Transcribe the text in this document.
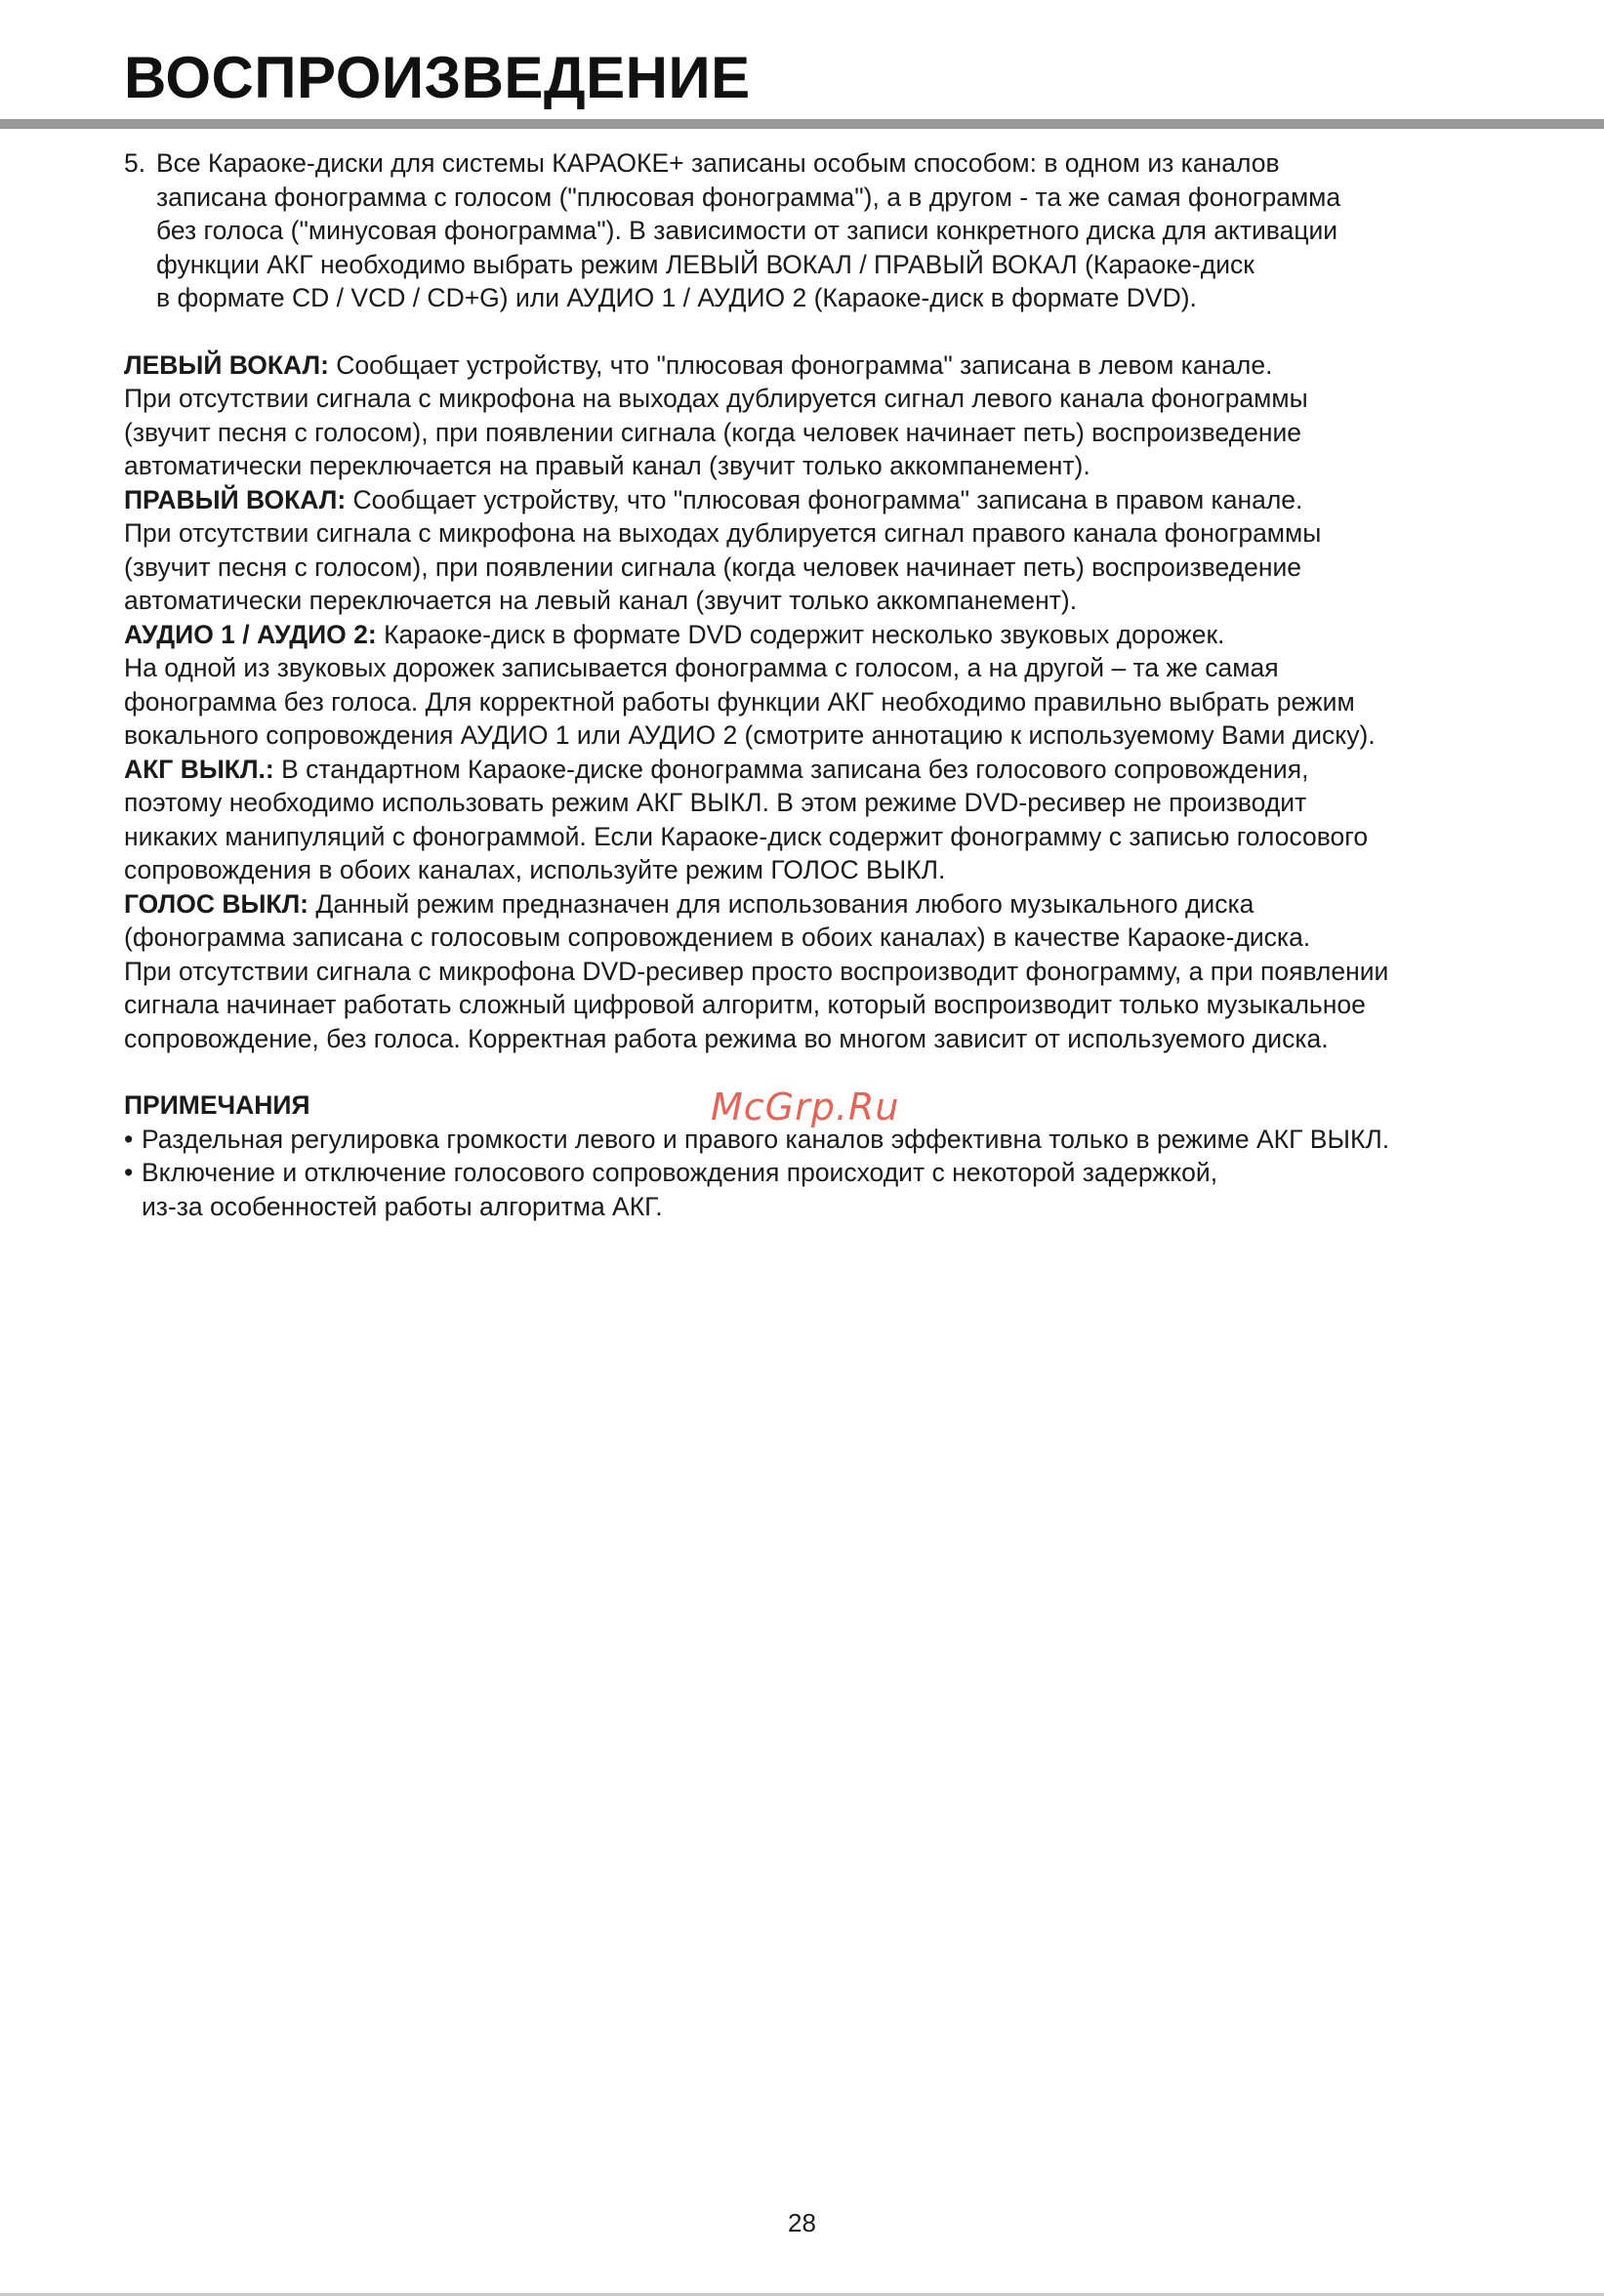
ВОСПРОИЗВЕДЕНИЕ
5. Все Караоке-диски для системы КАРАОКЕ+ записаны особым способом: в одном из каналов

записана фонограмма с голосом ("плюсовая фонограмма"), а в другом - та же самая фонограмма

без голоса ("минусовая фонограмма"). В зависимости от записи конкретного диска для активации

функции АКГ необходимо выбрать режим ЛЕВЫЙ ВОКАЛ / ПРАВЫЙ ВОКАЛ (Караоке-диск

в формате CD / VCD / CD+G) или АУДИО 1 / АУДИО 2 (Караоке-диск в формате DVD).

ЛЕВЫЙ ВОКАЛ: Сообщает устройству, что "плюсовая фонограмма" записана в левом канале.

При отсутствии сигнала с микрофона на выходах дублируется сигнал левого канала фонограммы

(звучит песня с голосом), при появлении сигнала (когда человек начинает петь) воспроизведение

автоматически переключается на правый канал (звучит только аккомпанемент).

ПРАВЫЙ ВОКАЛ: Сообщает устройству, что "плюсовая фонограмма" записана в правом канале.

При отсутствии сигнала с микрофона на выходах дублируется сигнал правого канала фонограммы

(звучит песня с голосом), при появлении сигнала (когда человек начинает петь) воспроизведение

автоматически переключается на левый канал (звучит только аккомпанемент).

АУДИО 1 / АУДИО 2: Караоке-диск в формате DVD содержит несколько звуковых дорожек.

На одной из звуковых дорожек записывается фонограмма с голосом, а на другой – та же самая

фонограмма без голоса. Для корректной работы функции АКГ необходимо правильно выбрать режим

вокального сопровождения АУДИО 1 или АУДИО 2 (смотрите аннотацию к используемому Вами диску).

АКГ ВЫКЛ.: В стандартном Караоке-диске фонограмма записана без голосового сопровождения,

поэтому необходимо использовать режим АКГ ВЫКЛ. В этом режиме DVD-ресивер не производит

никаких манипуляций с фонограммой. Если Караоке-диск содержит фонограмму с записью голосового

сопровождения в обоих каналах, используйте режим ГОЛОС ВЫКЛ.

ГОЛОС ВЫКЛ: Данный режим предназначен для использования любого музыкального диска

(фонограмма записана с голосовым сопровождением в обоих каналах) в качестве Караоке-диска.

При отсутствии сигнала с микрофона DVD-ресивер просто воспроизводит фонограмму, а при появлении

сигнала начинает работать сложный цифровой алгоритм, который воспроизводит только музыкальное

сопровождение, без голоса. Корректная работа режима во многом зависит от используемого диска.

ПРИМЕЧАНИЯ

• Раздельная регулировка громкости левого и правого каналов эффективна только в режиме АКГ ВЫКЛ.

• Включение и отключение голосового сопровождения происходит с некоторой задержкой,

из-за особенностей работы алгоритма АКГ.

McGrp.Ru
28
